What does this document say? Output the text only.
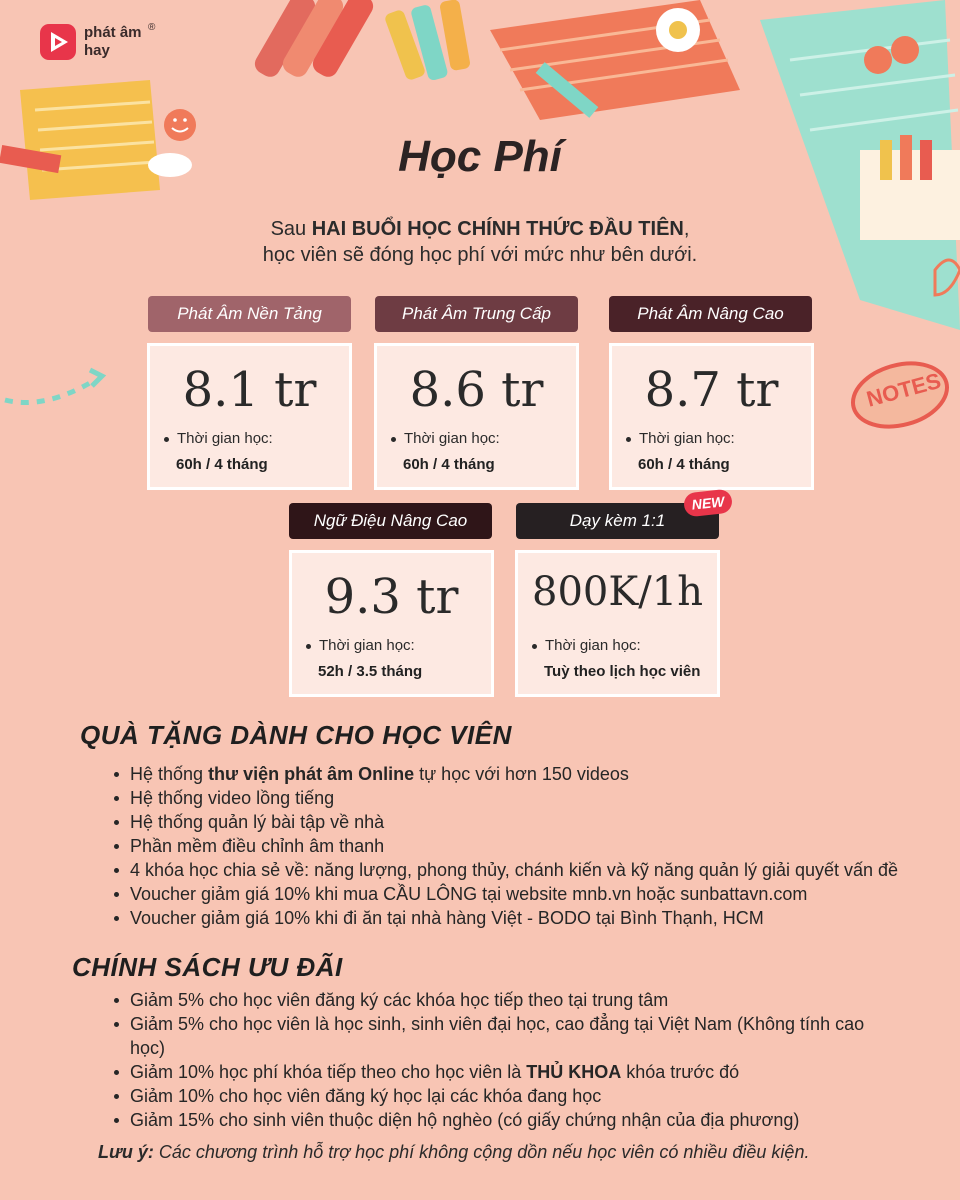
phát âm
hay
®
NOTES
Học Phí
Sau HAI BUỔI HỌC CHÍNH THỨC ĐẦU TIÊN,
học viên sẽ đóng học phí với mức như bên dưới.
Phát Âm Nền Tảng
8.1 tr
Thời gian học:
60h / 4 tháng
Phát Âm Trung Cấp
8.6 tr
Thời gian học:
60h / 4 tháng
Phát Âm Nâng Cao
8.7 tr
Thời gian học:
60h / 4 tháng
Ngữ Điệu Nâng Cao
9.3 tr
Thời gian học:
52h / 3.5 tháng
Dạy kèm 1:1
NEW
800K/1h
Thời gian học:
Tuỳ theo lịch học viên
QUÀ TẶNG DÀNH CHO HỌC VIÊN
Hệ thống thư viện phát âm Online tự học với hơn 150 videos
Hệ thống video lồng tiếng
Hệ thống quản lý bài tập về nhà
Phần mềm điều chỉnh âm thanh
4 khóa học chia sẻ về: năng lượng, phong thủy, chánh kiến và kỹ năng quản lý giải quyết vấn đề
Voucher giảm giá 10% khi mua CẦU LÔNG tại website mnb.vn hoặc sunbattavn.com
Voucher giảm giá 10% khi đi ăn tại nhà hàng Việt - BODO tại Bình Thạnh, HCM
CHÍNH SÁCH ƯU ĐÃI
Giảm 5% cho học viên đăng ký các khóa học tiếp theo tại trung tâm
Giảm 5% cho học viên là học sinh, sinh viên đại học, cao đẳng tại Việt Nam (Không tính cao học)
Giảm 10% học phí khóa tiếp theo cho học viên là THỦ KHOA khóa trước đó
Giảm 10% cho học viên đăng ký học lại các khóa đang học
Giảm 15% cho sinh viên thuộc diện hộ nghèo (có giấy chứng nhận của địa phương)
Lưu ý: Các chương trình hỗ trợ học phí không cộng dồn nếu học viên có nhiều điều kiện.
